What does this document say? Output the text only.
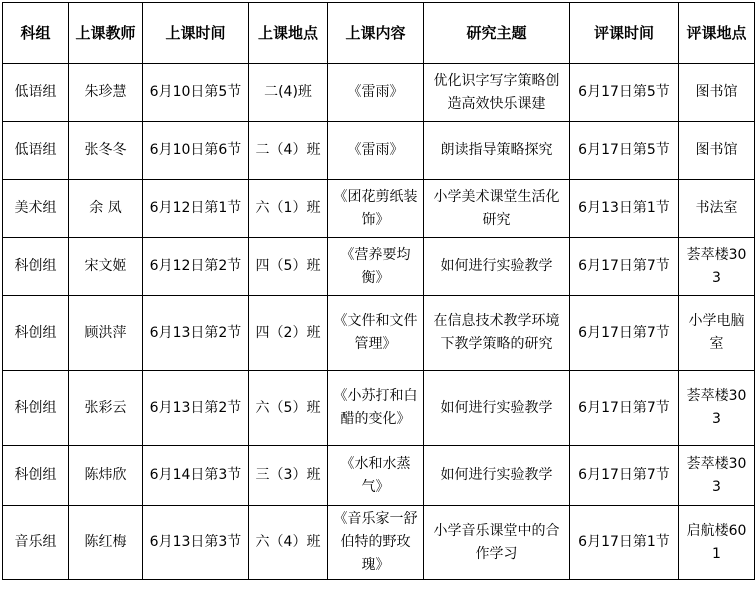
科组	上课教师	上课时间	上课地点	上课内容	研究主题	评课时间	评课地点
低语组	朱珍慧	6月10日第5节	二(4)班	《雷雨》	优化识字写字策略创造高效快乐课建	6月17日第5节	图书馆
低语组	张冬冬	6月10日第6节	二（4）班	《雷雨》	朗读指导策略探究	6月17日第5节	图书馆
美术组	余 凤	6月12日第1节	六（1）班	《团花剪纸装饰》	小学美术课堂生活化研究	6月13日第1节	书法室
科创组	宋文姬	6月12日第2节	四（5）班	《营养要均衡》	如何进行实验教学	6月17日第7节	荟萃楼303
科创组	顾洪萍	6月13日第2节	四（2）班	《文件和文件管理》	在信息技术教学环境下教学策略的研究	6月17日第7节	小学电脑室
科创组	张彩云	6月13日第2节	六（5）班	《小苏打和白醋的变化》	如何进行实验教学	6月17日第7节	荟萃楼303
科创组	陈炜欣	6月14日第3节	三（3）班	《水和水蒸气》	如何进行实验教学	6月17日第7节	荟萃楼303
音乐组	陈红梅	6月13日第3节	六（4）班	《音乐家一舒伯特的野玫瑰》	小学音乐课堂中的合作学习	6月17日第1节	启航楼601
